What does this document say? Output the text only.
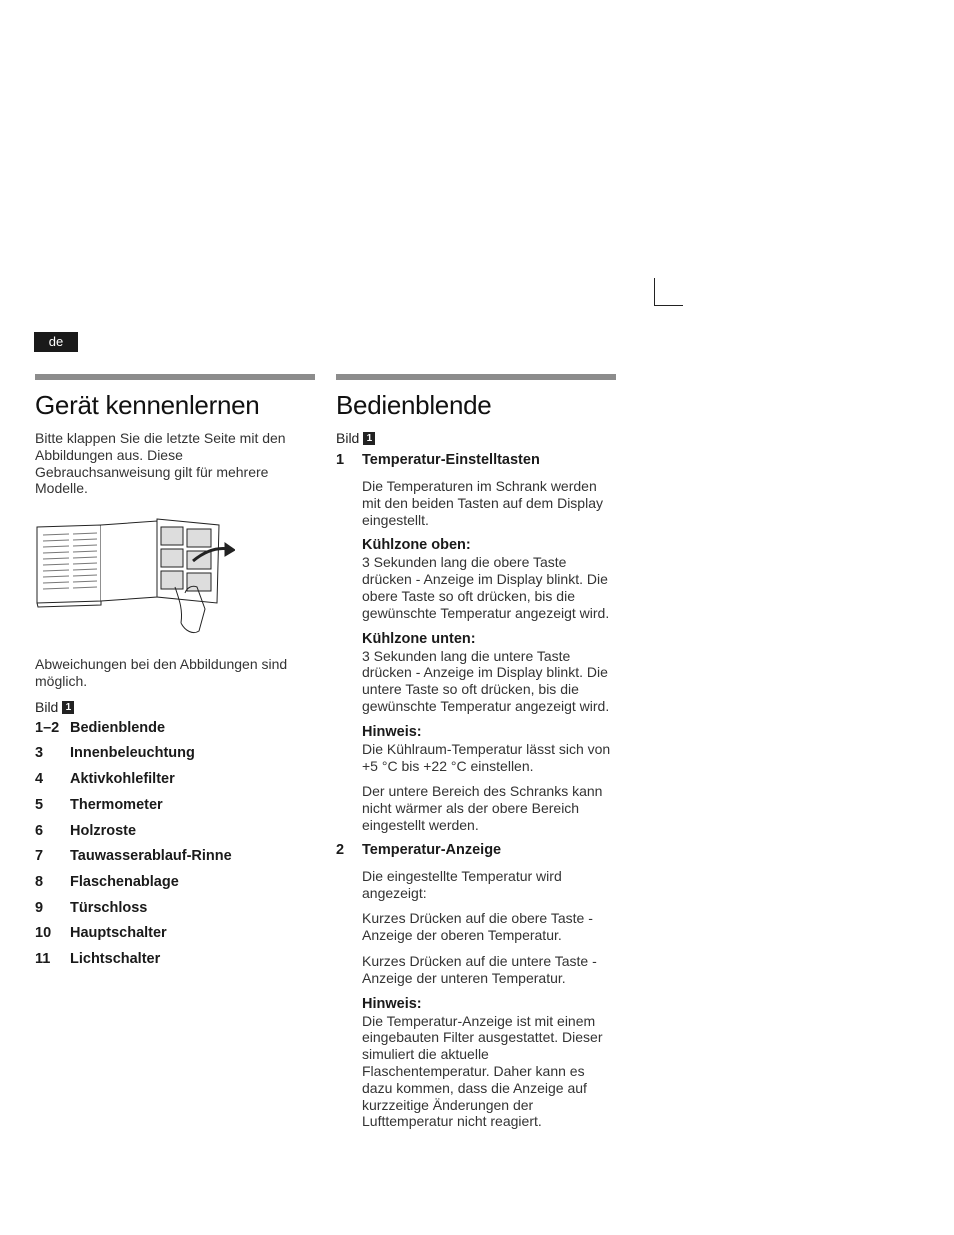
de
Gerät kennenlernen

Bitte klappen Sie die letzte Seite mit den Abbildungen aus. Diese Gebrauchsanweisung gilt für mehrere Modelle.

Abweichungen bei den Abbildungen sind möglich.

Bild 1
1–2 Bedienblende
3	Innenbeleuchtung
4	Aktivkohlefilter
5	Thermometer
6	Holzroste
7	Tauwasserablauf-Rinne
8	Flaschenablage
9	Türschloss
10	Hauptschalter
11	Lichtschalter
Bedienblende
Bild 1
1	Temperatur-Einstelltasten

Die Temperaturen im Schrank werden mit den beiden Tasten auf dem Display eingestellt.

Kühlzone oben:

3 Sekunden lang die obere Taste drücken - Anzeige im Display blinkt. Die obere Taste so oft drücken, bis die gewünschte Temperatur angezeigt wird.

Kühlzone unten:

3 Sekunden lang die untere Taste drücken - Anzeige im Display blinkt. Die untere Taste so oft drücken, bis die gewünschte Temperatur angezeigt wird.

Hinweis:

Die Kühlraum-Temperatur lässt sich von +5 °C bis +22 °C einstellen.

Der untere Bereich des Schranks kann nicht wärmer als der obere Bereich eingestellt werden.

2	Temperatur-Anzeige

Die eingestellte Temperatur wird angezeigt:

Kurzes Drücken auf die obere Taste - Anzeige der oberen Temperatur.

Kurzes Drücken auf die untere Taste - Anzeige der unteren Temperatur.

Hinweis:

Die Temperatur-Anzeige ist mit einem eingebauten Filter ausgestattet. Dieser simuliert die aktuelle Flaschentemperatur. Daher kann es dazu kommen, dass die Anzeige auf kurzzeitige Änderungen der Lufttemperatur nicht reagiert.
